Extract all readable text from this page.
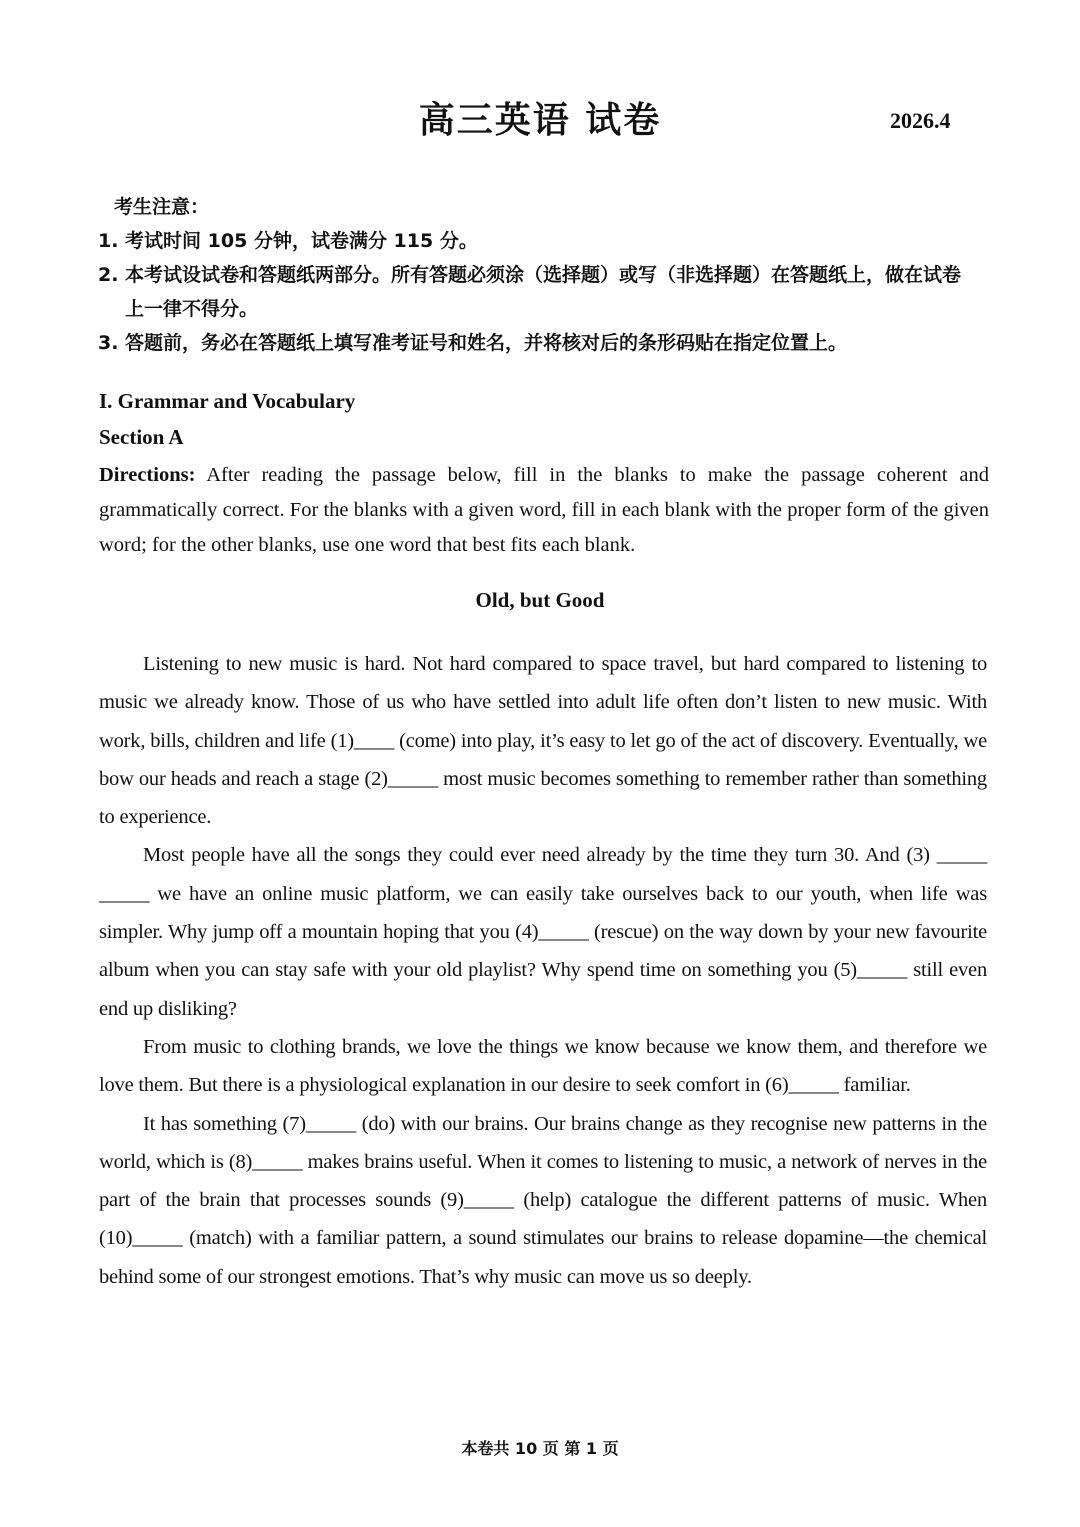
高三英语 试卷	2026.4
考生注意：
1. 考试时间 105 分钟，试卷满分 115 分。
2. 本考试设试卷和答题纸两部分。所有答题必须涂（选择题）或写（非选择题）在答题纸上，做在试卷上一律不得分。
3. 答题前，务必在答题纸上填写准考证号和姓名，并将核对后的条形码贴在指定位置上。
I. Grammar and Vocabulary
Section A
Directions: After reading the passage below, fill in the blanks to make the passage coherent and grammatically correct. For the blanks with a given word, fill in each blank with the proper form of the given word; for the other blanks, use one word that best fits each blank.
Old, but Good

Listening to new music is hard. Not hard compared to space travel, but hard compared to listening to music we already know. Those of us who have settled into adult life often don’t listen to new music. With work, bills, children and life (1)____ (come) into play, it’s easy to let go of the act of discovery. Eventually, we bow our heads and reach a stage (2)_____ most music becomes something to remember rather than something to experience.

Most people have all the songs they could ever need already by the time they turn 30. And (3) _____ _____ we have an online music platform, we can easily take ourselves back to our youth, when life was simpler. Why jump off a mountain hoping that you (4)_____ (rescue) on the way down by your new favourite album when you can stay safe with your old playlist? Why spend time on something you (5)_____ still even end up disliking?

From music to clothing brands, we love the things we know because we know them, and therefore we love them. But there is a physiological explanation in our desire to seek comfort in (6)_____ familiar.

It has something (7)_____ (do) with our brains. Our brains change as they recognise new patterns in the world, which is (8)_____ makes brains useful. When it comes to listening to music, a network of nerves in the part of the brain that processes sounds (9)_____ (help) catalogue the different patterns of music. When (10)_____ (match) with a familiar pattern, a sound stimulates our brains to release dopamine—the chemical behind some of our strongest emotions. That’s why music can move us so deeply.

本卷共 10 页 第 1 页
